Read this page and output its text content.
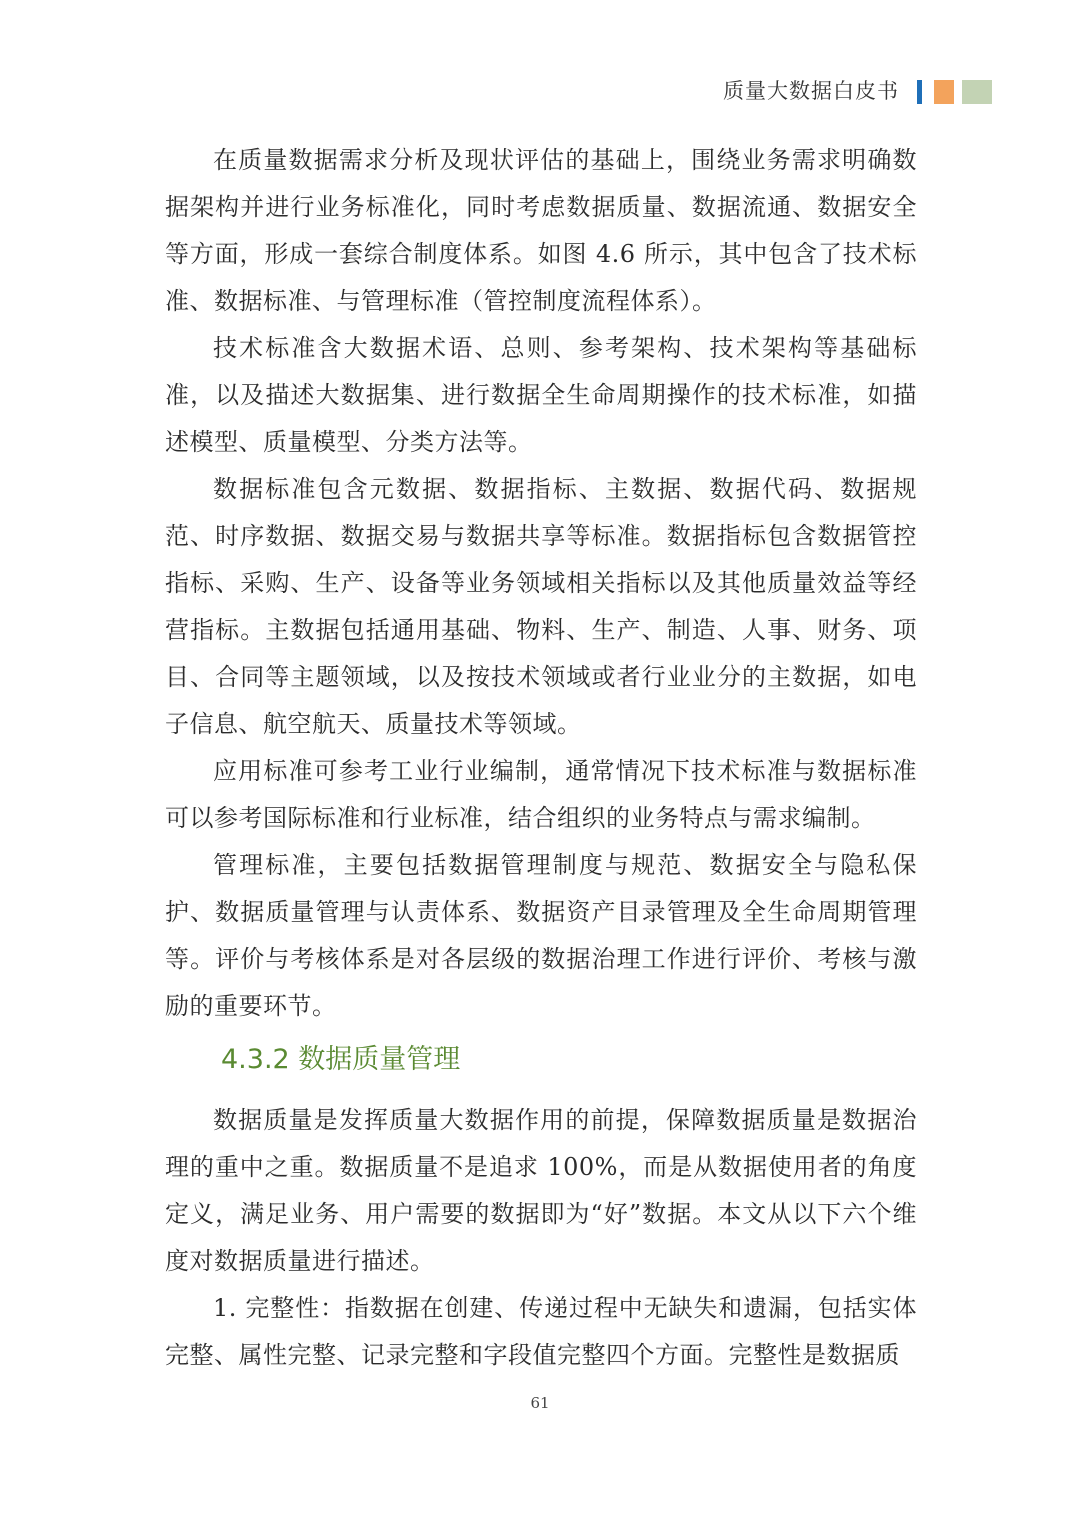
质量大数据白皮书

在质量数据需求分析及现状评估的基础上，围绕业务需求明确数据架构并进行业务标准化，同时考虑数据质量、数据流通、数据安全等方面，形成一套综合制度体系。如图 4.6 所示，其中包含了技术标准、数据标准、与管理标准（管控制度流程体系）。

技术标准含大数据术语、总则、参考架构、技术架构等基础标准，以及描述大数据集、进行数据全生命周期操作的技术标准，如描述模型、质量模型、分类方法等。

数据标准包含元数据、数据指标、主数据、数据代码、数据规范、时序数据、数据交易与数据共享等标准。数据指标包含数据管控指标、采购、生产、设备等业务领域相关指标以及其他质量效益等经营指标。主数据包括通用基础、物料、生产、制造、人事、财务、项目、合同等主题领域，以及按技术领域或者行业业分的主数据，如电子信息、航空航天、质量技术等领域。

应用标准可参考工业行业编制，通常情况下技术标准与数据标准可以参考国际标准和行业标准，结合组织的业务特点与需求编制。

管理标准，主要包括数据管理制度与规范、数据安全与隐私保护、数据质量管理与认责体系、数据资产目录管理及全生命周期管理等。评价与考核体系是对各层级的数据治理工作进行评价、考核与激励的重要环节。

4.3.2 数据质量管理

数据质量是发挥质量大数据作用的前提，保障数据质量是数据治理的重中之重。数据质量不是追求 100%，而是从数据使用者的角度定义，满足业务、用户需要的数据即为“好”数据。本文从以下六个维度对数据质量进行描述。

1. 完整性：指数据在创建、传递过程中无缺失和遗漏，包括实体完整、属性完整、记录完整和字段值完整四个方面。完整性是数据质

61
